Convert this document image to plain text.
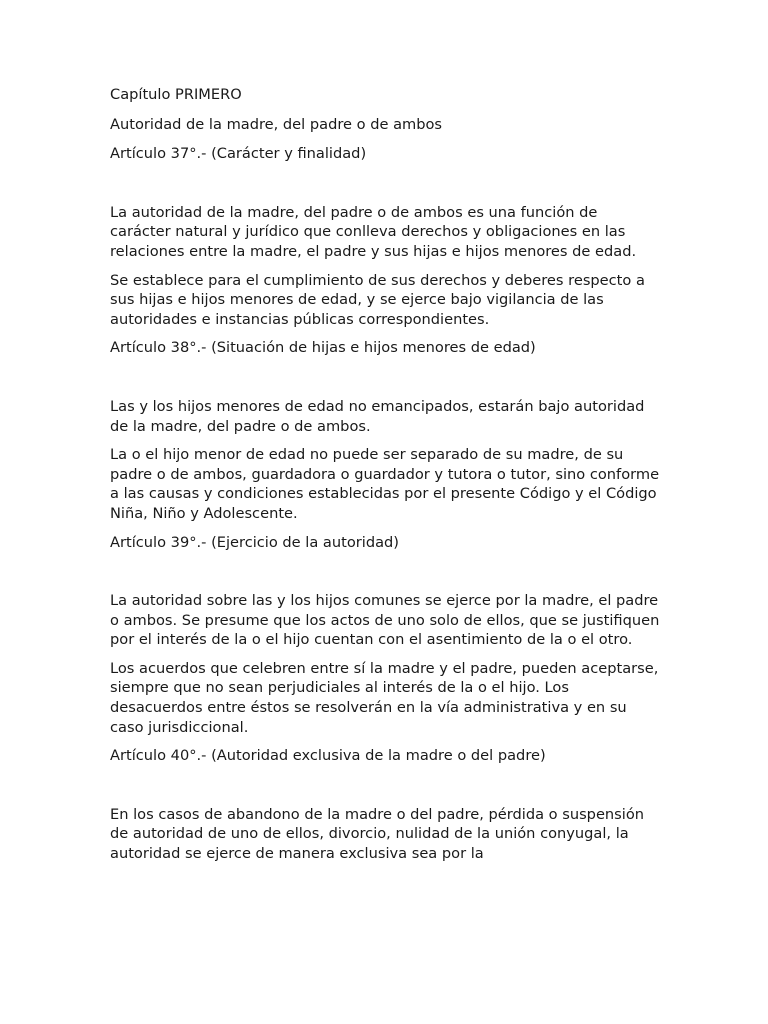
Capítulo PRIMERO

Autoridad de la madre, del padre o de ambos

Artículo 37°.- (Carácter y finalidad)

La autoridad de la madre, del padre o de ambos es una función de carácter natural y jurídico que conlleva derechos y obligaciones en las relaciones entre la madre, el padre y sus hijas e hijos menores de edad.

Se establece para el cumplimiento de sus derechos y deberes respecto a sus hijas e hijos menores de edad, y se ejerce bajo vigilancia de las autoridades e instancias públicas correspondientes.

Artículo 38°.- (Situación de hijas e hijos menores de edad)

Las y los hijos menores de edad no emancipados, estarán bajo autoridad de la madre, del padre o de ambos.

La o el hijo menor de edad no puede ser separado de su madre, de su padre o de ambos, guardadora o guardador y tutora o tutor, sino conforme a las causas y condiciones establecidas por el presente Código y el Código Niña, Niño y Adolescente.

Artículo 39°.- (Ejercicio de la autoridad)

La autoridad sobre las y los hijos comunes se ejerce por la madre, el padre o ambos. Se presume que los actos de uno solo de ellos, que se justifiquen por el interés de la o el hijo cuentan con el asentimiento de la o el otro.

Los acuerdos que celebren entre sí la madre y el padre, pueden aceptarse, siempre que no sean perjudiciales al interés de la o el hijo. Los desacuerdos entre éstos se resolverán en la vía administrativa y en su caso jurisdiccional.

Artículo 40°.- (Autoridad exclusiva de la madre o del padre)

En los casos de abandono de la madre o del padre, pérdida o suspensión de autoridad de uno de ellos, divorcio, nulidad de la unión conyugal, la autoridad se ejerce de manera exclusiva sea por la
